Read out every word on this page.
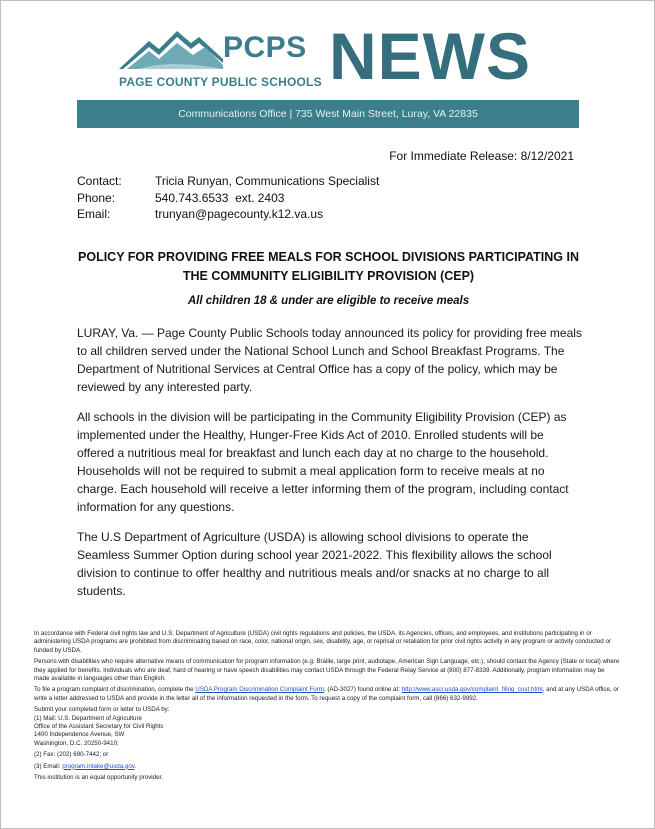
PCPS
PAGE COUNTY PUBLIC SCHOOLS NEWS
Communications Office | 735 West Main Street, Luray, VA 22835
For Immediate Release: 8/12/2021
Contact:	Tricia Runyan, Communications Specialist
Phone:	540.743.6533  ext. 2403
Email:	trunyan@pagecounty.k12.va.us
POLICY FOR PROVIDING FREE MEALS FOR SCHOOL DIVISIONS PARTICIPATING IN
THE COMMUNITY ELIGIBILITY PROVISION (CEP)
All children 18 & under are eligible to receive meals

LURAY, Va. — Page County Public Schools today announced its policy for providing free meals to all children served under the National School Lunch and School Breakfast Programs. The Department of Nutritional Services at Central Office has a copy of the policy, which may be reviewed by any interested party.

All schools in the division will be participating in the Community Eligibility Provision (CEP) as implemented under the Healthy, Hunger-Free Kids Act of 2010. Enrolled students will be offered a nutritious meal for breakfast and lunch each day at no charge to the household. Households will not be required to submit a meal application form to receive meals at no charge. Each household will receive a letter informing them of the program, including contact information for any questions.

The U.S Department of Agriculture (USDA) is allowing school divisions to operate the Seamless Summer Option during school year 2021-2022. This flexibility allows the school division to continue to offer healthy and nutritious meals and/or snacks at no charge to all students.

In accordance with Federal civil rights law and U.S. Department of Agriculture (USDA) civil rights regulations and policies, the USDA, its Agencies, offices, and employees, and institutions participating in or administering USDA programs are prohibited from discriminating based on race, color, national origin, sex, disability, age, or reprisal or retaliation for prior civil rights activity in any program or activity conducted or funded by USDA.

Persons with disabilities who require alternative means of communication for program information (e.g. Braille, large print, audiotape, American Sign Language, etc.), should contact the Agency (State or local) where they applied for benefits. Individuals who are deaf, hard of hearing or have speech disabilities may contact USDA through the Federal Relay Service at (800) 877-8339. Additionally, program information may be made available in languages other than English.

To file a program complaint of discrimination, complete the USDA Program Discrimination Complaint Form, (AD-3027) found online at: http://www.ascr.usda.gov/complaint_filing_cust.html, and at any USDA office, or write a letter addressed to USDA and provide in the letter all of the information requested in the form. To request a copy of the complaint form, call (866) 632-9992.

Submit your completed form or letter to USDA by:
(1) Mail: U.S. Department of Agriculture
Office of the Assistant Secretary for Civil Rights
1400 Independence Avenue, SW
Washington, D.C. 20250-9410;

(2) Fax: (202) 690-7442; or

(3) Email: program.intake@usda.gov.

This institution is an equal opportunity provider.
